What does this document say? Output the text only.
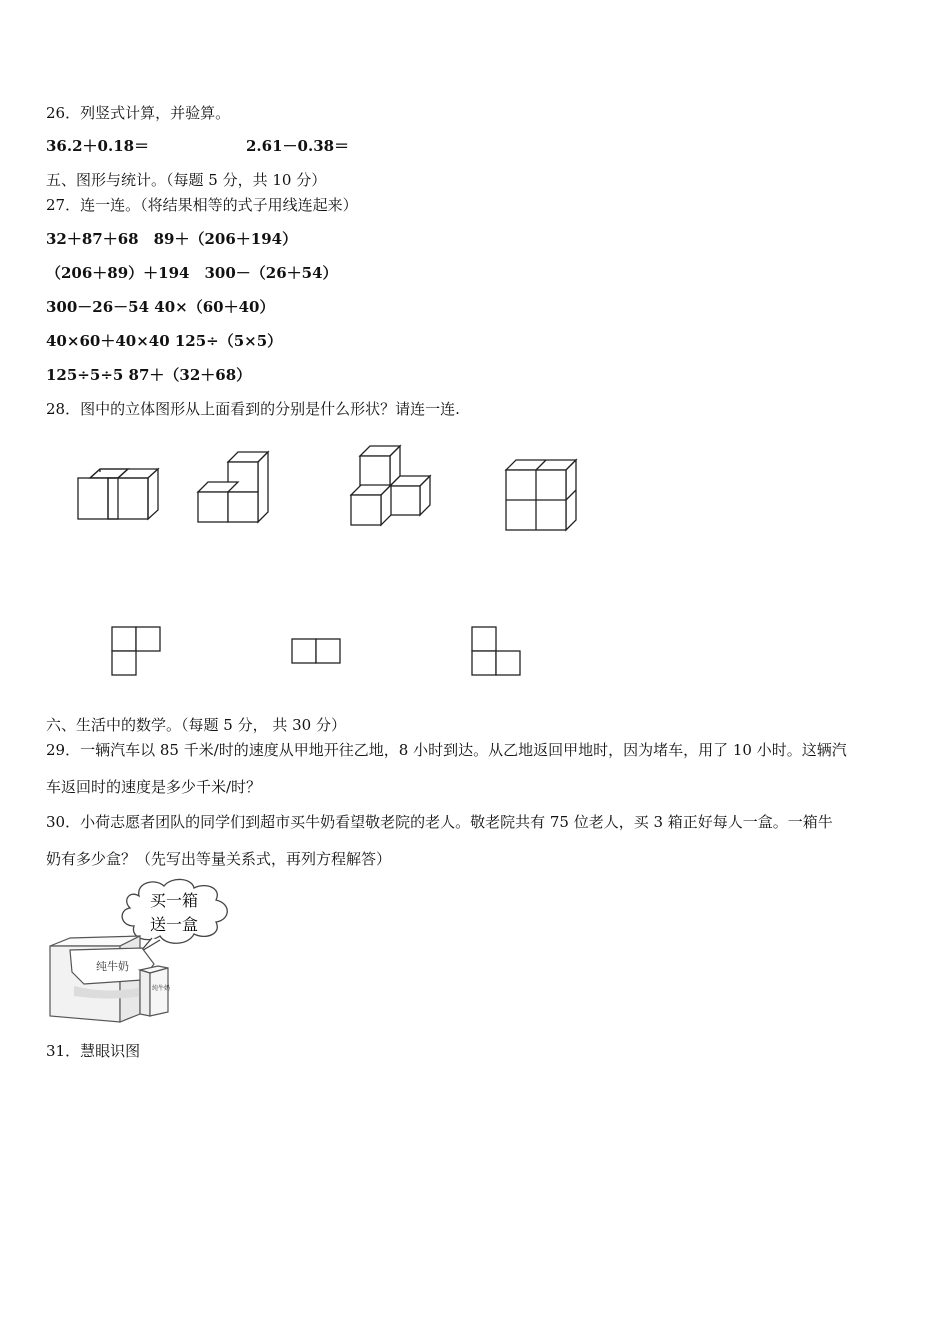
26．列竖式计算，并验算。
36.2＋0.18＝	2.61－0.38＝
五、图形与统计。（每题 5 分，共 10 分）
27．连一连。（将结果相等的式子用线连起来）
32＋87＋68　89＋（206＋194）
（206＋89）＋194　300－（26＋54）
300－26－54 40×（60＋40）
40×60＋40×40 125÷（5×5）
125÷5÷5 87＋（32＋68）
28．图中的立体图形从上面看到的分别是什么形状？请连一连.
六、生活中的数学。（每题 5 分， 共 30 分）
29．一辆汽车以 85 千米/时的速度从甲地开往乙地，8 小时到达。从乙地返回甲地时，因为堵车，用了 10 小时。这辆汽
车返回时的速度是多少千米/时？
30．小荷志愿者团队的同学们到超市买牛奶看望敬老院的老人。敬老院共有 75 位老人，买 3 箱正好每人一盒。一箱牛
奶有多少盒？（先写出等量关系式，再列方程解答）
买一箱
送一盒
纯牛奶
纯牛奶
31．慧眼识图
